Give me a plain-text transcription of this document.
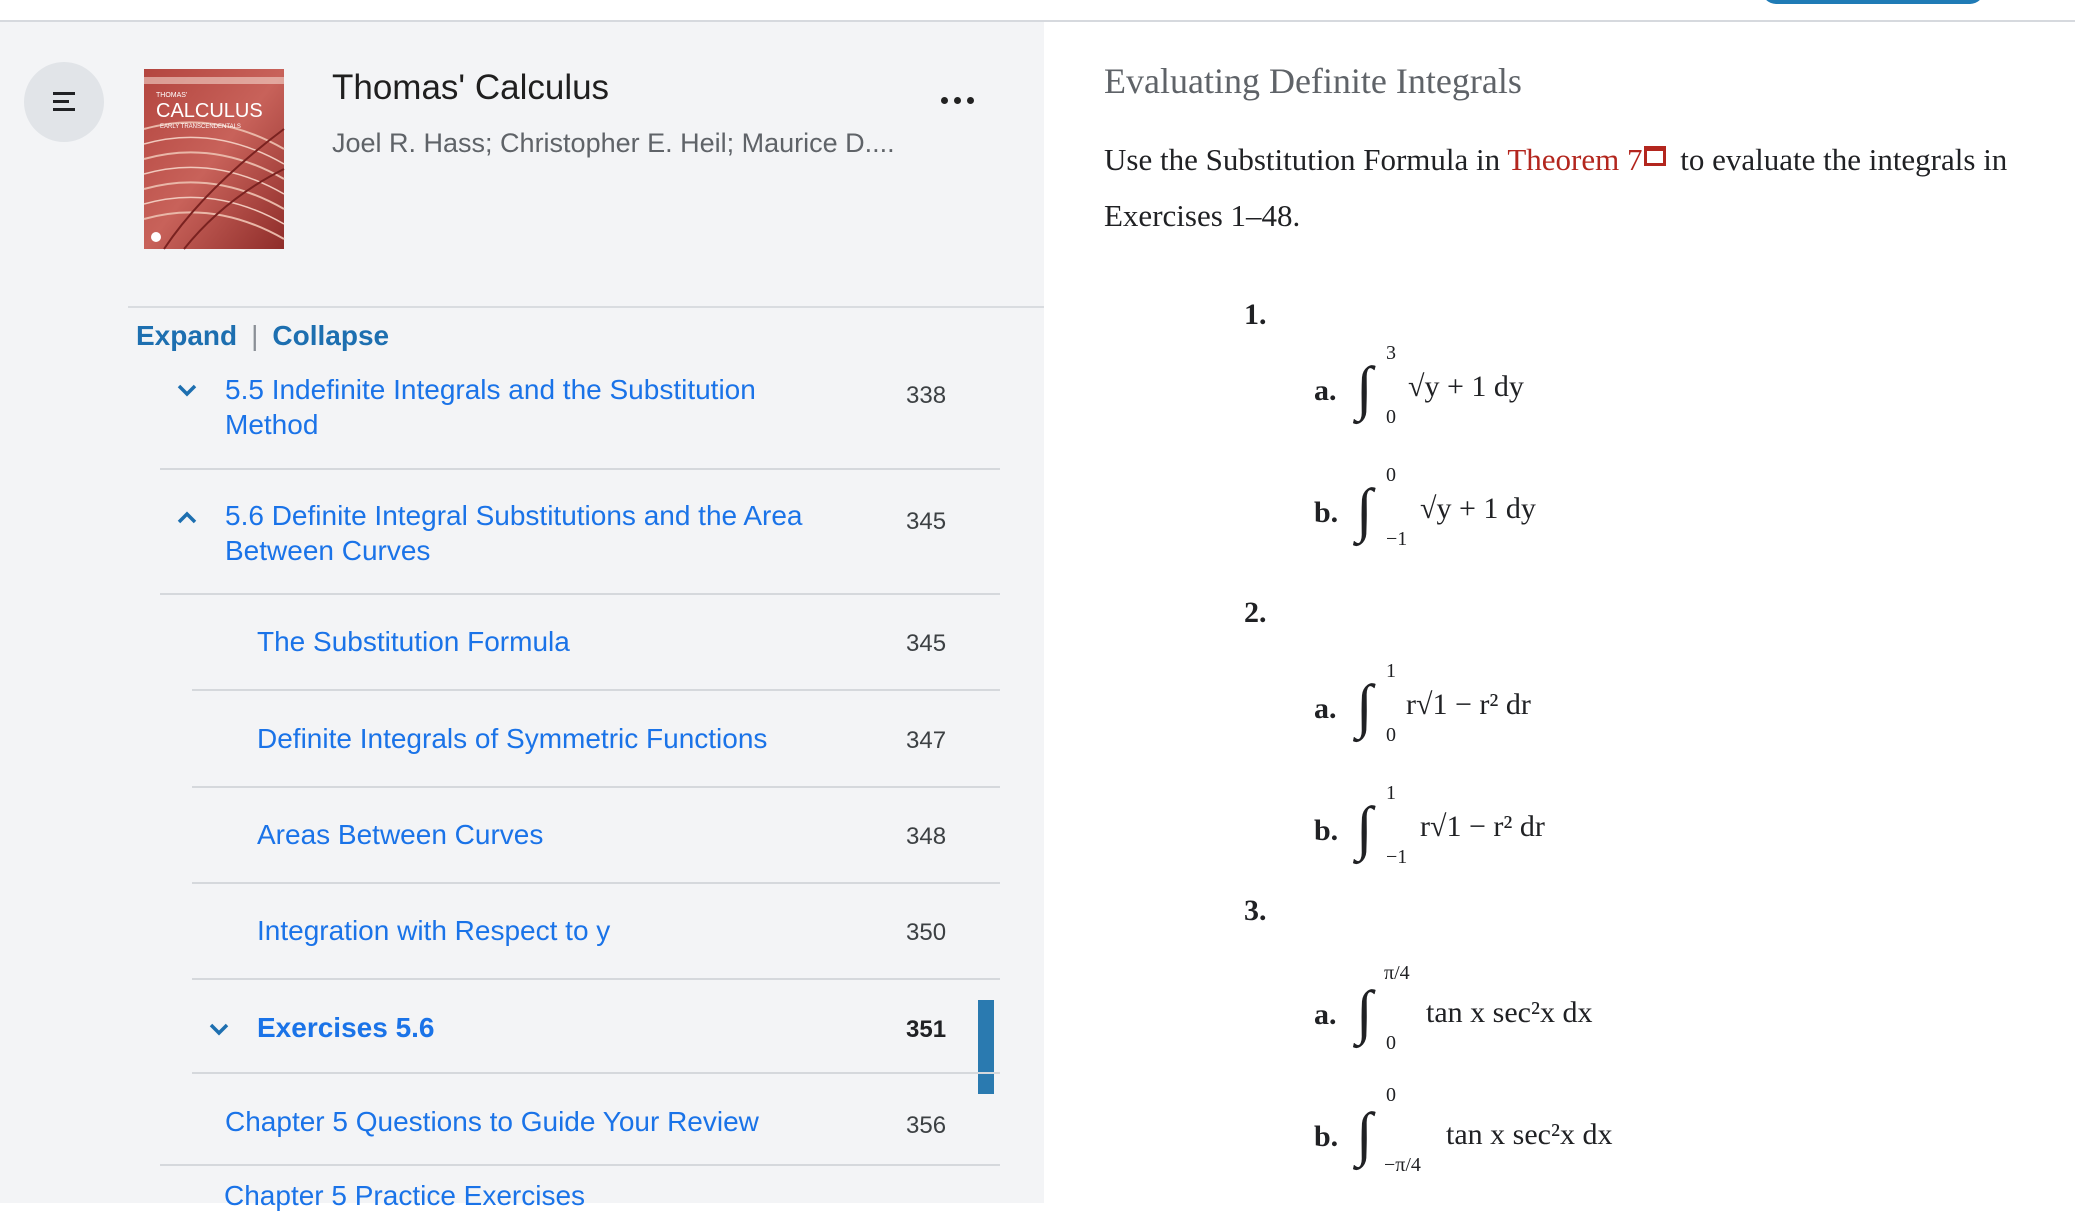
THOMAS'
CALCULUS
EARLY TRANSCENDENTALS
Thomas' Calculus
Joel R. Hass; Christopher E. Heil; Maurice D....
Expand | Collapse
5.5 Indefinite Integrals and the Substitution Method
338
5.6 Definite Integral Substitutions and the Area Between Curves
345
The Substitution Formula	345
Definite Integrals of Symmetric Functions	347
Areas Between Curves	348
Integration with Respect to y	350
Exercises 5.6	351
Chapter 5 Questions to Guide Your Review	356
Chapter 5 Practice Exercises
Evaluating Definite Integrals
Use the Substitution Formula in Theorem 7 to evaluate the integrals in Exercises 1–48.
1.
a. ∫
3
0
√y + 1 dy
b. ∫
0
−1
√y + 1 dy
2.
a. ∫
1
0
r√1 − r² dr
b. ∫
1
−1
r√1 − r² dr
3.
a. ∫
π/4
0
tan x sec²x dx
b. ∫
0
−π/4
tan x sec²x dx
